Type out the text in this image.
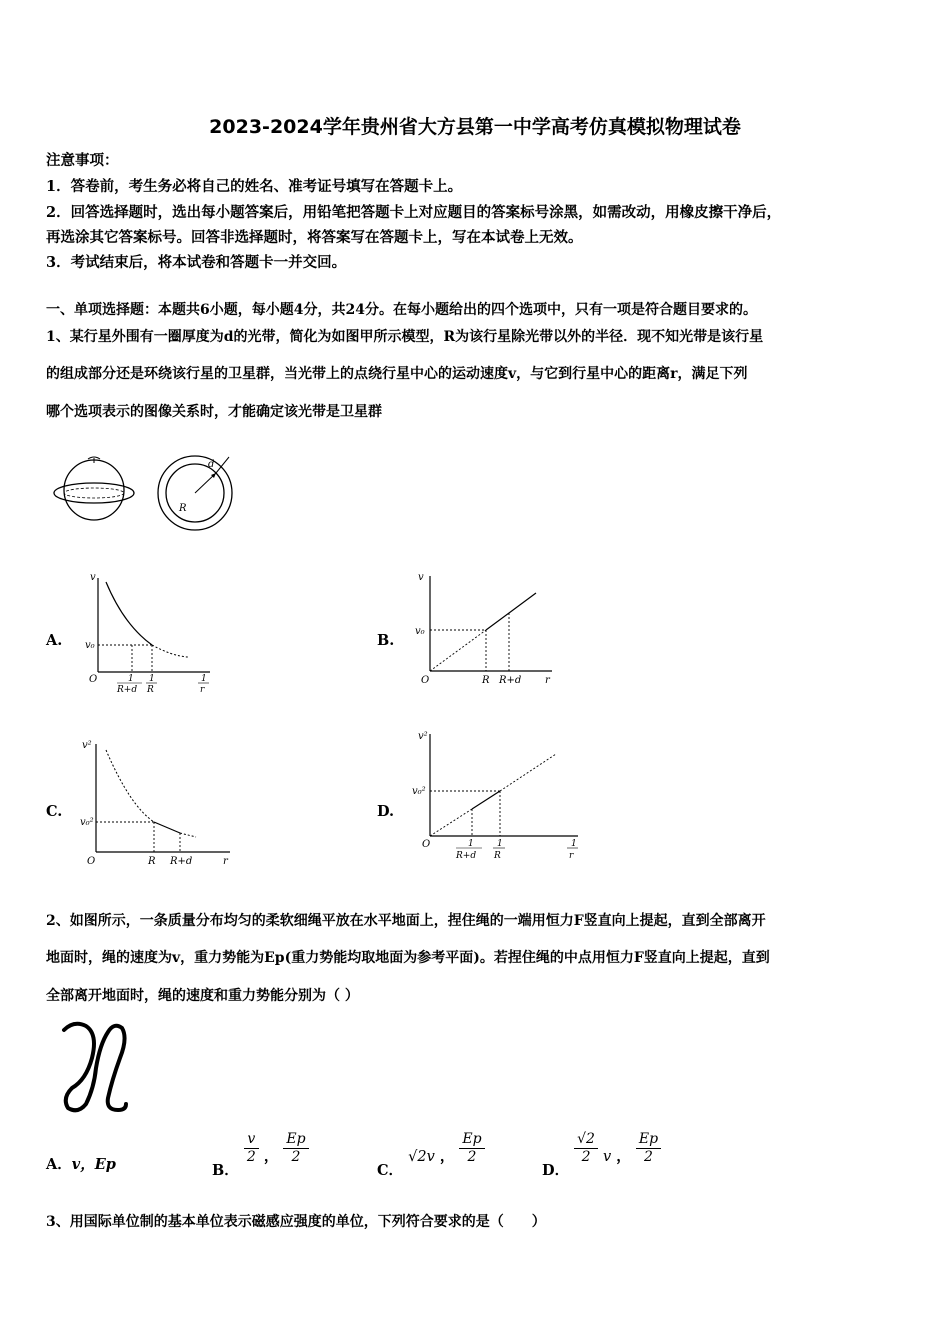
2023-2024学年贵州省大方县第一中学高考仿真模拟物理试卷
注意事项：
1．答卷前，考生务必将自己的姓名、准考证号填写在答题卡上。
2．回答选择题时，选出每小题答案后，用铅笔把答题卡上对应题目的答案标号涂黑，如需改动，用橡皮擦干净后，
再选涂其它答案标号。回答非选择题时，将答案写在答题卡上，写在本试卷上无效。
3．考试结束后，将本试卷和答题卡一并交回。
一、单项选择题：本题共6小题，每小题4分，共24分。在每小题给出的四个选项中，只有一项是符合题目要求的。
1、某行星外围有一圈厚度为d的光带，简化为如图甲所示模型，R为该行星除光带以外的半径．现不知光带是该行星
的组成部分还是环绕该行星的卫星群，当光带上的点绕行星中心的运动速度v，与它到行星中心的距离r，满足下列
哪个选项表示的图像关系时，才能确定该光带是卫星群
R
d
A.
v
v₀
O	1
R+d
1
R
1
r
B.
v
v₀
O	R R+d r
C.
v²
v₀²
O	R R+d	r
D.
v²
v₀²
O	1
R+d
1
R
1
r
2、如图所示，一条质量分布均匀的柔软细绳平放在水平地面上，捏住绳的一端用恒力F竖直向上提起，直到全部离开
地面时，绳的速度为v，重力势能为Ep(重力势能均取地面为参考平面)。若捏住绳的中点用恒力F竖直向上提起，直到
全部离开地面时，绳的速度和重力势能分别为（ ）
A．v，Ep	B．
$\frac{v}{2}$ ， $\frac{Ep}{2}$
C． √2v ， $\frac{Ep}{2}$
D．
$\frac{√2}{2}$ v ， $\frac{Ep}{2}$
3、用国际单位制的基本单位表示磁感应强度的单位，下列符合要求的是（　　）
